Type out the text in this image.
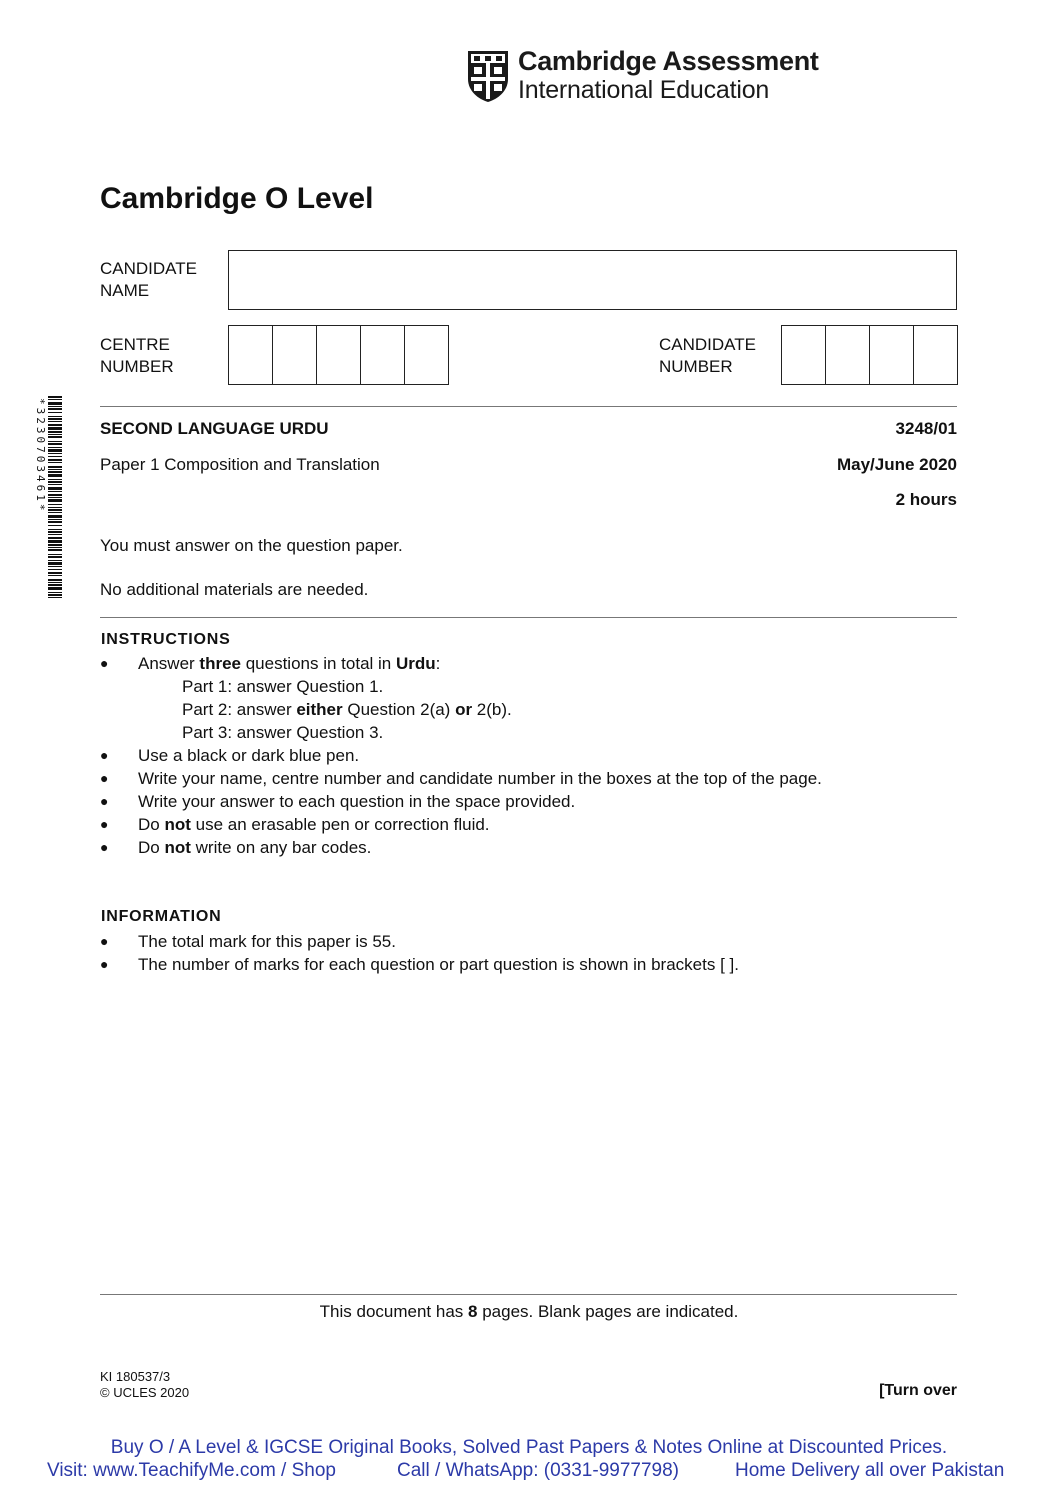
Cambridge Assessment
International Education
Cambridge O Level
CANDIDATE
NAME
CENTRE
NUMBER
CANDIDATE
NUMBER
*3230703461*	SECOND LANGUAGE URDU	3248/01
Paper 1 Composition and Translation	May/June 2020
2 hours
You must answer on the question paper.
No additional materials are needed.
INSTRUCTIONS
● Answer three questions in total in Urdu:
Part 1: answer Question 1.
Part 2: answer either Question 2(a) or 2(b).
Part 3: answer Question 3.
● Use a black or dark blue pen.
● Write your name, centre number and candidate number in the boxes at the top of the page.
● Write your answer to each question in the space provided.
● Do not use an erasable pen or correction fluid.
● Do not write on any bar codes.
INFORMATION
● The total mark for this paper is 55.
● The number of marks for each question or part question is shown in brackets [ ].
This document has 8 pages. Blank pages are indicated.
KI 180537/3
© UCLES 2020	[Turn over
Buy O / A Level & IGCSE Original Books, Solved Past Papers & Notes Online at Discounted Prices.
Visit: www.TeachifyMe.com / Shop	Call / WhatsApp: (0331-9977798)	Home Delivery all over Pakistan
